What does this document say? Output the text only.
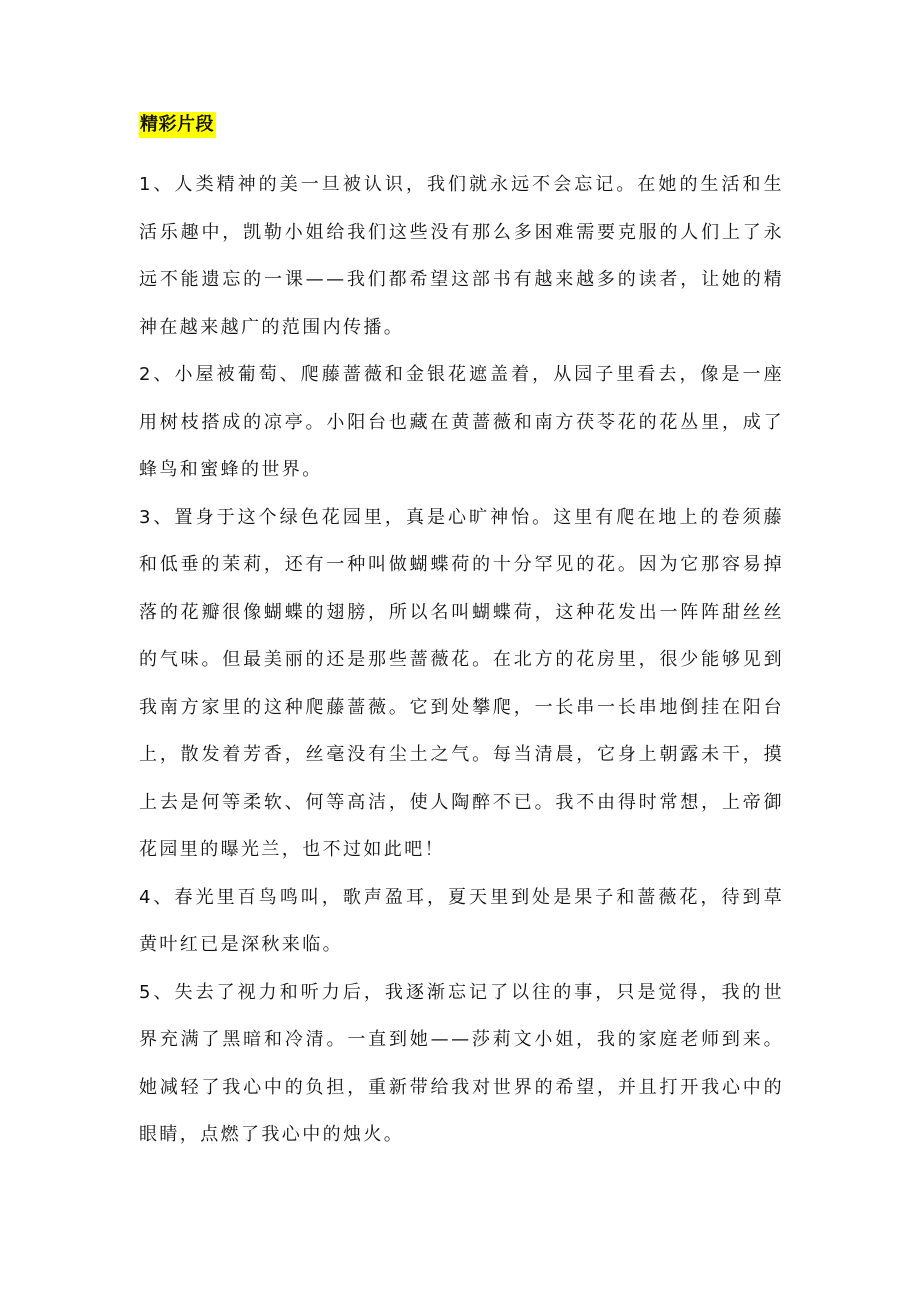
精彩片段

1、人类精神的美一旦被认识，我们就永远不会忘记。在她的生活和生活乐趣中，凯勒小姐给我们这些没有那么多困难需要克服的人们上了永远不能遗忘的一课——我们都希望这部书有越来越多的读者，让她的精神在越来越广的范围内传播。

2、小屋被葡萄、爬藤蔷薇和金银花遮盖着，从园子里看去，像是一座用树枝搭成的凉亭。小阳台也藏在黄蔷薇和南方茯苓花的花丛里，成了蜂鸟和蜜蜂的世界。

3、置身于这个绿色花园里，真是心旷神怡。这里有爬在地上的卷须藤和低垂的茉莉，还有一种叫做蝴蝶荷的十分罕见的花。因为它那容易掉落的花瓣很像蝴蝶的翅膀，所以名叫蝴蝶荷，这种花发出一阵阵甜丝丝的气味。但最美丽的还是那些蔷薇花。在北方的花房里，很少能够见到我南方家里的这种爬藤蔷薇。它到处攀爬，一长串一长串地倒挂在阳台上，散发着芳香，丝毫没有尘土之气。每当清晨，它身上朝露未干，摸上去是何等柔软、何等高洁，使人陶醉不已。我不由得时常想，上帝御花园里的曝光兰，也不过如此吧！

4、春光里百鸟鸣叫，歌声盈耳，夏天里到处是果子和蔷薇花，待到草黄叶红已是深秋来临。

5、失去了视力和听力后，我逐渐忘记了以往的事，只是觉得，我的世界充满了黑暗和冷清。一直到她——莎莉文小姐，我的家庭老师到来。她减轻了我心中的负担，重新带给我对世界的希望，并且打开我心中的眼睛，点燃了我心中的烛火。
